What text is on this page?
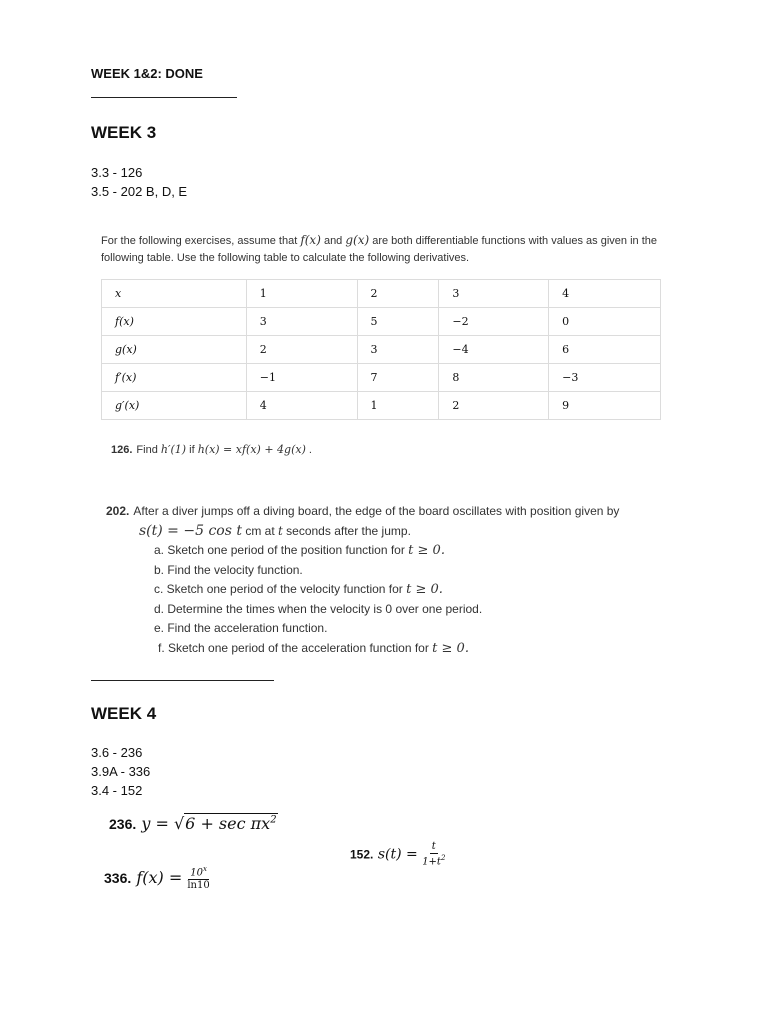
WEEK 1&2: DONE
WEEK 3
3.3 - 126
3.5 - 202 B, D, E
For the following exercises, assume that f(x) and g(x) are both differentiable functions with values as given in the following table. Use the following table to calculate the following derivatives.
x	1	2	3	4
f(x)	3	5	−2	0
g(x)	2	3	−4	6
f′(x)	−1	7	8	−3
g′(x)	4	1	2	9
126. Find h′(1) if h(x) = xf(x) + 4g(x) .
202. After a diver jumps off a diving board, the edge of the board oscillates with position given by
s(t) = −5 cos t cm at t seconds after the jump.
a. Sketch one period of the position function for t ≥ 0.
b. Find the velocity function.
c. Sketch one period of the velocity function for t ≥ 0.
d. Determine the times when the velocity is 0 over one period.
e. Find the acceleration function.
f. Sketch one period of the acceleration function for t ≥ 0.
WEEK 4
3.6 - 236
3.9A - 336
3.4 - 152
236. $y = √6 + \sec \pi x^2$
152. $s(t) = \frac{t}{1+t^2}$
336. $f(x) = \frac{10^x}{\ln 10}$
